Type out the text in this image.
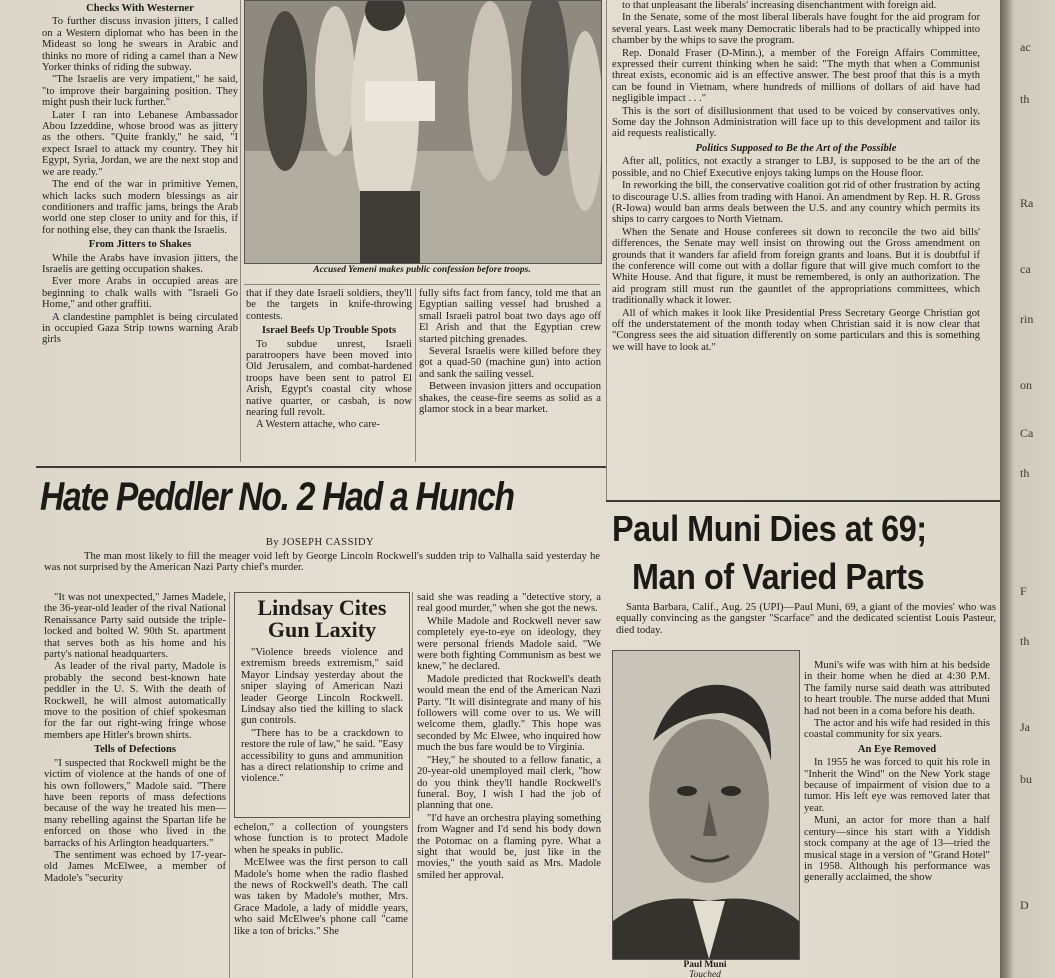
Checks With Westerner

To further discuss invasion jitters, I called on a Western diplomat who has been in the Mideast so long he swears in Arabic and thinks no more of riding a camel than a New Yorker thinks of riding the subway.

"The Israelis are very impatient," he said, "to improve their bargaining position. They might push their luck further."

Later I ran into Lebanese Ambassador Abou Izzeddine, whose brood was as jittery as the others. "Quite frankly," he said, "I expect Israel to attack my country. They hit Egypt, Syria, Jordan, we are the next stop and we are ready."

The end of the war in primitive Yemen, which lacks such modern blessings as air conditioners and traffic jams, brings the Arab world one step closer to unity and for this, if for nothing else, they can thank the Israelis.

From Jitters to Shakes

While the Arabs have invasion jitters, the Israelis are getting occupation shakes.

Ever more Arabs in occupied areas are beginning to chalk walls with "Israeli Go Home," and other graffiti.

A clandestine pamphlet is being circulated in occupied Gaza Strip towns warning Arab girls

Accused Yemeni makes public confession before troops.

that if they date Israeli soldiers, they'll be the targets in knife-throwing contests.

Israel Beefs Up Trouble Spots

To subdue unrest, Israeli paratroopers have been moved into Old Jerusalem, and combat-hardened troops have been sent to patrol El Arish, Egypt's coastal city whose native quarter, or casbah, is now nearing full revolt.

A Western attache, who care-

fully sifts fact from fancy, told me that an Egyptian sailing vessel had brushed a small Israeli patrol boat two days ago off El Arish and that the Egyptian crew started pitching grenades.

Several Israelis were killed before they got a quad-50 (machine gun) into action and sank the sailing vessel.

Between invasion jitters and occupation shakes, the cease-fire seems as solid as a glamor stock in a bear market.

to that unpleasant the liberals' increasing disenchantment with foreign aid.

In the Senate, some of the most liberal liberals have fought for the aid program for several years. Last week many Democratic liberals had to be practically whipped into chamber by the whips to save the program.

Rep. Donald Fraser (D-Minn.), a member of the Foreign Affairs Committee, expressed their current thinking when he said: "The myth that when a Communist threat exists, economic aid is an effective answer. The best proof that this is a myth can be found in Vietnam, where hundreds of millions of dollars of aid have had negligible impact . . ."

This is the sort of disillusionment that used to be voiced by conservatives only. Some day the Johnson Administration will face up to this development and tailor its aid requests realistically.

Politics Supposed to Be the Art of the Possible

After all, politics, not exactly a stranger to LBJ, is supposed to be the art of the possible, and no Chief Executive enjoys taking lumps on the House floor.

In reworking the bill, the conservative coalition got rid of other frustration by acting to discourage U.S. allies from trading with Hanoi. An amendment by Rep. H. R. Gross (R-Iowa) would ban arms deals between the U.S. and any country which permits its ships to carry cargoes to North Vietnam.

When the Senate and House conferees sit down to reconcile the two aid bills' differences, the Senate may well insist on throwing out the Gross amendment on grounds that it wanders far afield from foreign grants and loans. But it is doubtful if the conference will come out with a dollar figure that will give much comfort to the White House. And that figure, it must be remembered, is only an authorization. The aid program still must run the gauntlet of the appropriations committees, which traditionally whack it lower.

All of which makes it look like Presidential Press Secretary George Christian got off the understatement of the month today when Christian said it is now clear that "Congress sees the aid situation differently on some particulars and this is something we will have to look at."

Hate Peddler No. 2 Had a Hunch
By JOSEPH CASSIDY

The man most likely to fill the meager void left by George Lincoln Rockwell's sudden trip to Valhalla said yesterday he was not surprised by the American Nazi Party chief's murder.

"It was not unexpected," James Madele, the 36-year-old leader of the rival National Renaissance Party said outside the triple-locked and bolted W. 90th St. apartment that serves both as his home and his party's national headquarters.

As leader of the rival party, Madole is probably the second best-known hate peddler in the U. S. With the death of Rockwell, he will almost automatically move to the position of chief spokesman for the far out right-wing fringe whose members ape Hitler's brown shirts.

Tells of Defections

"I suspected that Rockwell might be the victim of violence at the hands of one of his own followers," Madole said. "There have been reports of mass defections because of the way he treated his men—many rebelling against the Spartan life he enforced on those who lived in the barracks of his Arlington headquarters."

The sentiment was echoed by 17-year-old James McElwee, a member of Madole's "security

Lindsay Cites
Gun Laxity

"Violence breeds violence and extremism breeds extremism," said Mayor Lindsay yesterday about the sniper slaying of American Nazi leader George Lincoln Rockwell. Lindsay also tied the killing to slack gun controls.

"There has to be a crackdown to restore the rule of law," he said. "Easy accessibility to guns and ammunition has a direct relationship to crime and violence."

echelon," a collection of youngsters whose function is to protect Madole when he speaks in public.

McElwee was the first person to call Madole's home when the radio flashed the news of Rockwell's death. The call was taken by Madole's mother, Mrs. Grace Madole, a lady of middle years, who said McElwee's phone call "came like a ton of bricks." She

said she was reading a "detective story, a real good murder," when she got the news.

While Madole and Rockwell never saw completely eye-to-eye on ideology, they were personal friends Madole said. "We were both fighting Communism as best we knew," he declared.

Madole predicted that Rockwell's death would mean the end of the American Nazi Party. "It will disintegrate and many of his followers will come over to us. We will welcome them, gladly." This hope was seconded by Mc Elwee, who inquired how much the bus fare would be to Virginia.

"Hey," he shouted to a fellow fanatic, a 20-year-old unemployed mail clerk, "how do you think they'll handle Rockwell's funeral. Boy, I wish I had the job of planning that one.

"I'd have an orchestra playing something from Wagner and I'd send his body down the Potomac on a flaming pyre. What a sight that would be, just like in the movies," the youth said as Mrs. Madole smiled her approval.

Paul Muni Dies at 69;
Man of Varied Parts

Santa Barbara, Calif., Aug. 25 (UPI)—Paul Muni, 69, a giant of the movies' who was equally convincing as the gangster "Scarface" and the dedicated scientist Louis Pasteur, died today.

Paul Muni
Touched

Muni's wife was with him at his bedside in their home when he died at 4:30 P.M. The family nurse said death was attributed to heart trouble. The nurse added that Muni had not been in a coma before his death.

The actor and his wife had resided in this coastal community for six years.

An Eye Removed

In 1955 he was forced to quit his role in "Inherit the Wind" on the New York stage because of impairment of vision due to a tumor. His left eye was removed later that year.

Muni, an actor for more than a half century—since his start with a Yiddish stock company at the age of 13—tried the musical stage in a version of "Grand Hotel" in 1958. Although his performance was generally acclaimed, the show

ac
th
Ra
ca
rin
on
Ca
th
F
th
Ja
bu
D
